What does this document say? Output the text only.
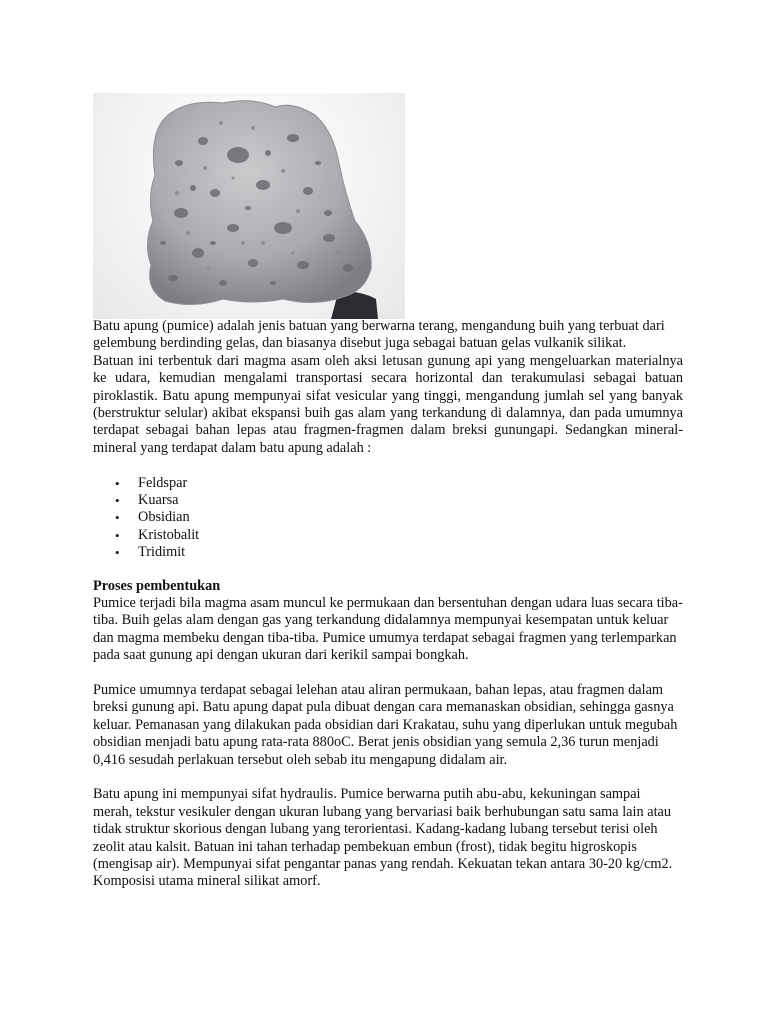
Batu apung (pumice) adalah jenis batuan yang berwarna terang, mengandung buih yang terbuat dari gelembung berdinding gelas, dan biasanya disebut juga sebagai batuan gelas vulkanik silikat.

Batuan ini terbentuk dari magma asam oleh aksi letusan gunung api yang mengeluarkan materialnya ke udara, kemudian mengalami transportasi secara horizontal dan terakumulasi sebagai batuan piroklastik. Batu apung mempunyai sifat vesicular yang tinggi, mengandung jumlah sel yang banyak (berstruktur selular) akibat ekspansi buih gas alam yang terkandung di dalamnya, dan pada umumnya terdapat sebagai bahan lepas atau fragmen-fragmen dalam breksi gunungapi. Sedangkan mineral-mineral yang terdapat dalam batu apung adalah :

• Feldspar
• Kuarsa
• Obsidian
• Kristobalit
• Tridimit

Proses pembentukan

Pumice terjadi bila magma asam muncul ke permukaan dan bersentuhan dengan udara luas secara tiba-tiba. Buih gelas alam dengan gas yang terkandung didalamnya mempunyai kesempatan untuk keluar dan magma membeku dengan tiba-tiba. Pumice umumya terdapat sebagai fragmen yang terlemparkan pada saat gunung api dengan ukuran dari kerikil sampai bongkah.

Pumice umumnya terdapat sebagai lelehan atau aliran permukaan, bahan lepas, atau fragmen dalam breksi gunung api. Batu apung dapat pula dibuat dengan cara memanaskan obsidian, sehingga gasnya keluar. Pemanasan yang dilakukan pada obsidian dari Krakatau, suhu yang diperlukan untuk megubah obsidian menjadi batu apung rata-rata 880oC. Berat jenis obsidian yang semula 2,36 turun menjadi 0,416 sesudah perlakuan tersebut oleh sebab itu mengapung didalam air.

Batu apung ini mempunyai sifat hydraulis. Pumice berwarna putih abu-abu, kekuningan sampai merah, tekstur vesikuler dengan ukuran lubang yang bervariasi baik berhubungan satu sama lain atau tidak struktur skorious dengan lubang yang terorientasi. Kadang-kadang lubang tersebut terisi oleh zeolit atau kalsit. Batuan ini tahan terhadap pembekuan embun (frost), tidak begitu higroskopis (mengisap air). Mempunyai sifat pengantar panas yang rendah. Kekuatan tekan antara 30-20 kg/cm2. Komposisi utama mineral silikat amorf.
